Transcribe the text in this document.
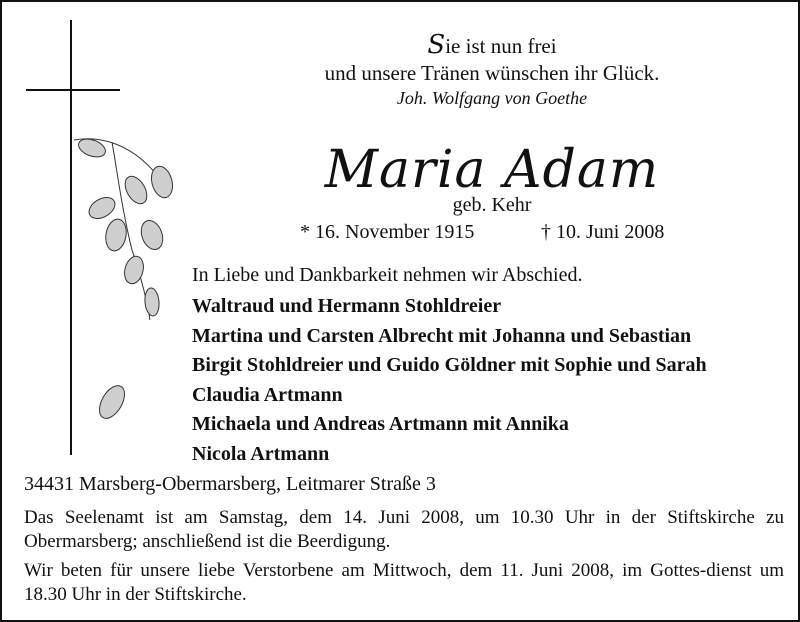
Sie ist nun frei
und unsere Tränen wünschen ihr Glück.
Joh. Wolfgang von Goethe
Maria Adam
geb. Kehr
* 16. November 1915	† 10. Juni 2008
In Liebe und Dankbarkeit nehmen wir Abschied.
Waltraud und Hermann Stohldreier
Martina und Carsten Albrecht mit Johanna und Sebastian
Birgit Stohldreier und Guido Göldner mit Sophie und Sarah
Claudia Artmann
Michaela und Andreas Artmann mit Annika
Nicola Artmann
34431 Marsberg-Obermarsberg, Leitmarer Straße 3
Das Seelenamt ist am Samstag, dem 14. Juni 2008, um 10.30 Uhr in der Stiftskirche zu Obermarsberg; anschließend ist die Beerdigung.
Wir beten für unsere liebe Verstorbene am Mittwoch, dem 11. Juni 2008, im Gottes-dienst um 18.30 Uhr in der Stiftskirche.
